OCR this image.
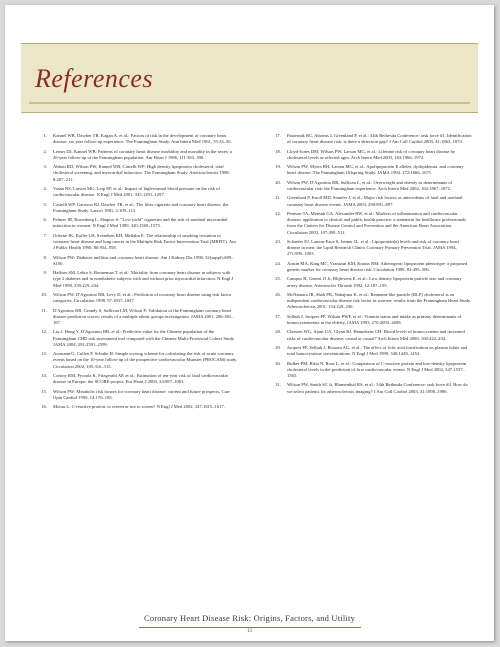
References
1.	Kannel WB, Dawber TR, Kagan A, et al.: Factors of risk in the development of coronary heart disease: six year follow-up experience. The Framingham Study. Ann Intern Med 1961, 55:33–50.
2.	Lerner DJ, Kannel WB: Patterns of coronary heart disease morbidity and mortality in the sexes: a 26-year follow-up of the Framingham population. Am Heart J 1986, 111:383–390.
3.	Abbott RD, Wilson PW, Kannel WB, Castelli WP: High density lipoprotein cholesterol, total cholesterol screening, and myocardial infarction. The Framingham Study. Arteriosclerosis 1988, 8:207–211.
4.	Vasan RS, Larson MG, Leip EP, et al.: Impact of high-normal blood pressure on the risk of cardiovascular disease. N Engl J Med 2001, 345:1291–1297.
5.	Castelli WP, Garrison RJ, Dawber TR, et al.: The filter cigarette and coronary heart disease: the Framingham Study. Lancet 1981, 2:109–113.
6.	Palmer JR, Rosenberg L, Shapiro S: "Low yield" cigarettes and the risk of nonfatal myocardial infarction in women. N Engl J Med 1989, 320:1569–1573.
7.	Ockene JK, Kuller LH, Svendsen KH, Meilahn E: The relationship of smoking cessation to coronary heart disease and lung cancer in the Multiple Risk Factor Intervention Trial (MRFIT). Am J Public Health 1990, 80:954–958.
8.	Wilson PW: Diabetes mellitus and coronary heart disease. Am J Kidney Dis 1998, 32(suppl):S89–S100.
9.	Haffner SM, Lehto S, Ronnemaa T, et al.: Mortality from coronary heart disease in subjects with type 2 diabetes and in nondiabetic subjects with and without prior myocardial infarction. N Engl J Med 1998, 339:229–234.
10.	Wilson PW, D'Agostino RB, Levy D, et al.: Prediction of coronary heart disease using risk factor categories. Circulation 1998, 97:1837–1847.
11.	D'Agostino RB, Grundy S, Sullivan LM, Wilson P: Validation of the Framingham coronary heart disease prediction scores: results of a multiple ethnic groups investigation. JAMA 2001, 286:180–187.
12.	Liu J, Hong Y, D'Agostino RB, et al.: Predictive value for the Chinese population of the Framingham CHD risk assessment tool compared with the Chinese Multi-Provincial Cohort Study. JAMA 2004, 291:2591–2599.
13.	Assmann G, Cullen P, Schulte H: Simple scoring scheme for calculating the risk of acute coronary events based on the 10-year follow-up of the prospective cardiovascular Munster (PROCAM) study. Circulation 2002, 105:310–315.
14.	Conroy RM, Pyorala K, Fitzgerald AP, et al.: Estimation of ten-year risk of fatal cardiovascular disease in Europe: the SCORE project. Eur Heart J 2003, 24:987–1003.
15.	Wilson PW: Metabolic risk factors for coronary heart disease: current and future prospects. Curr Opin Cardiol 1999, 14:176–185.
16.	Morau L: C-reactive protein: to screen or not to screen? N Engl J Med 2002, 347:1615–1617.
17.	Pasternak RC, Abrams J, Greenland P, et al.: 34th Bethesda Conference: task force #1. Identification of coronary heart disease risk: is there a detection gap? J Am Coll Cardiol 2003, 41:1863–1874.
18.	Lloyd-Jones DM, Wilson PW, Larson MG, et al.: Lifetime risk of coronary heart disease by cholesterol levels at selected ages. Arch Intern Med 2003, 163:1966–1972.
19.	Wilson PW, Myers RH, Larson MG, et al.: Apolipoprotein E alleles, dyslipidemia, and coronary heart disease. The Framingham Offspring Study. JAMA 1994, 272:1666–1671.
20.	Wilson PW, D'Agostino RB, Sullivan L, et al.: Overweight and obesity as determinants of cardiovascular risk: the Framingham experience. Arch Intern Med 2002, 162:1867–1872.
21.	Greenland P, Knoll MD, Stamler J, et al.: Major risk factors as antecedents of fatal and nonfatal coronary heart disease events. JAMA 2003, 290:891–897.
22.	Pearson TA, Mensah GA, Alexander RW, et al.: Markers of inflammation and cardiovascular disease: application to clinical and public health practice: a statement for healthcare professionals from the Centers for Disease Control and Prevention and the American Heart Association. Circulation 2003, 107:499–511.
23.	Schaefer EJ, Lamon-Fava S, Jenner JL, et al.: Lipoprotein(a) levels and risk of coronary heart disease in men: the Lipid Research Clinics Coronary Primary Prevention Trial. JAMA 1994, 271:999–1003.
24.	Austin MA, King MC, Vranizan KM, Krauss RM: Atherogenic lipoprotein phenotype: a proposed genetic marker for coronary heart disease risk. Circulation 1990, 82:495–506.
25.	Campos H, Genest JJ Jr, Blijlevens E, et al.: Low density lipoprotein particle size and coronary artery disease. Arterioscler Thromb 1992, 12:187–195.
26.	McNamara JR, Shah PK, Nakajima K, et al.: Remnant-like particle (RLP) cholesterol is an independent cardiovascular disease risk factor in women: results from the Framingham Heart Study. Atherosclerosis 2001, 154:229–236.
27.	Selhub J, Jacques PF, Wilson PWF, et al.: Vitamin status and intake as primary determinants of homocysteinemia in the elderly. JAMA 1993, 270:2693–2698.
28.	Christen WG, Ajani UA, Glynn RJ, Hennekens CH: Blood levels of homocysteine and increased risks of cardiovascular disease: causal or casual? Arch Intern Med 2000, 160:422–434.
29.	Jacques PF, Selhub J, Bostom AG, et al.: The effect of folic acid fortification on plasma folate and total homocysteine concentrations. N Engl J Med 1999, 340:1449–1454.
30.	Ridker PM, Rifai N, Rose L, et al.: Comparison of C-reactive protein and low-density lipoprotein cholesterol levels in the prediction of first cardiovascular events. N Engl J Med 2002, 347:1557–1565.
31.	Wilson PW, Smith SC Jr, Blumenthal RS, et al.: 34th Bethesda Conference: task force #4. How do we select patients for atherosclerosis imaging? J Am Coll Cardiol 2003, 41:1898–1906.
Coronary Heart Disease Risk: Origins, Factors, and Utility
13
